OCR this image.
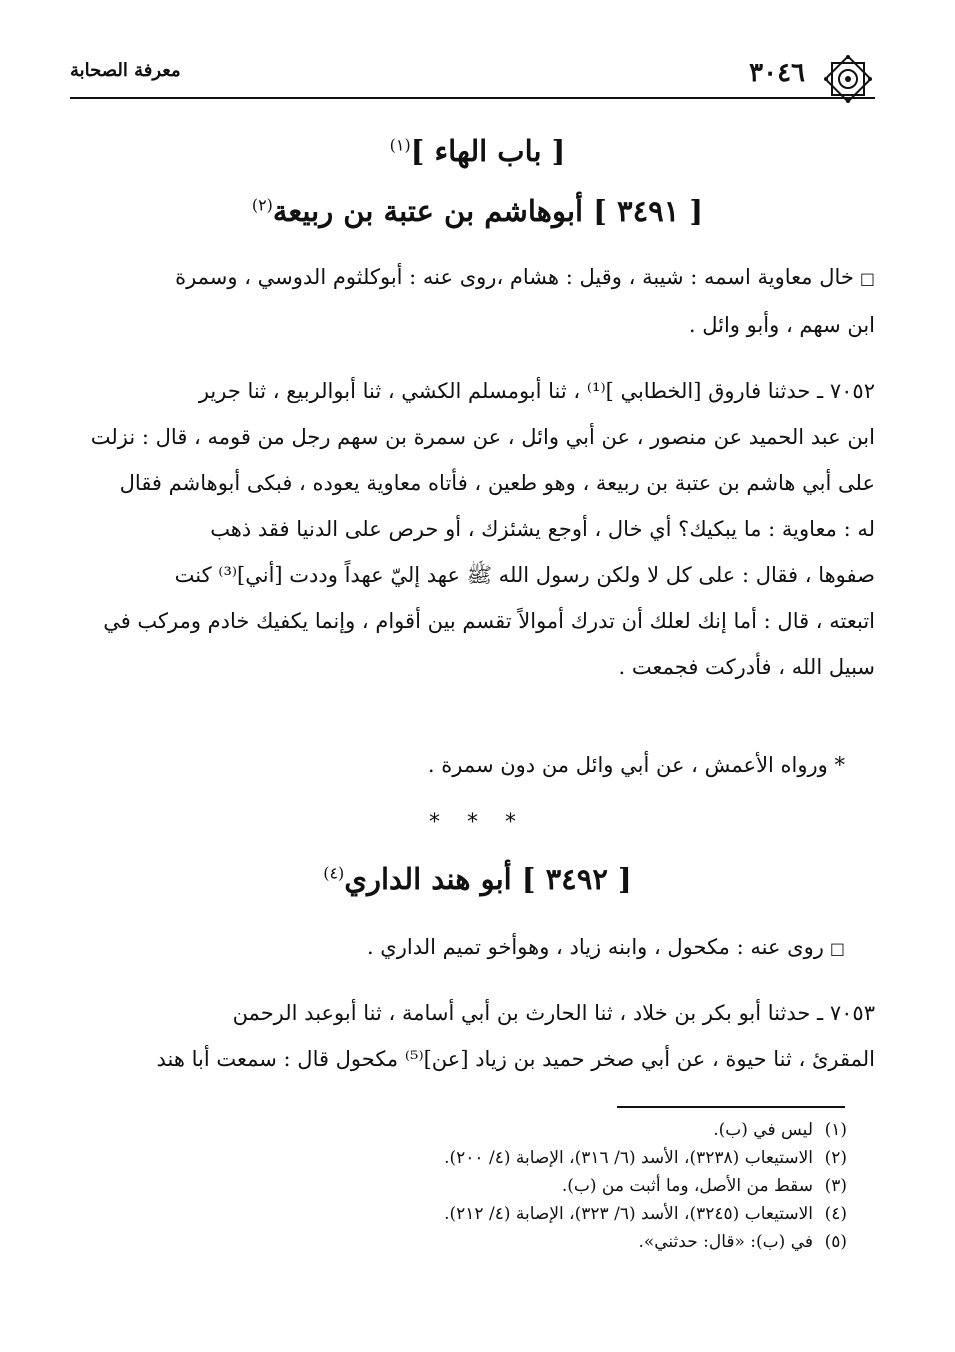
٣٠٤٦
معرفة الصحابة
[ باب الهاء ]$^{(١)}$
[ ٣٤٩١ ] أبوهاشم بن عتبة بن ربيعة$^{(٢)}$
□خال معاوية اسمه : شيبة ، وقيل : هشام ،روى عنه : أبوكلثوم الدوسي ، وسمرة
ابن سهم ، وأبو وائل .
٧٠٥٢ ـ حدثنا فاروق [الخطابي ]⁽¹⁾ ، ثنا أبومسلم الكشي ، ثنا أبوالربيع ، ثنا جرير
ابن عبد الحميد عن منصور ، عن أبي وائل ، عن سمرة بن سهم رجل من قومه ، قال : نزلت
على أبي هاشم بن عتبة بن ربيعة ، وهو طعين ، فأتاه معاوية يعوده ، فبكى أبوهاشم فقال
له : معاوية : ما يبكيك؟ أي خال ، أوجع يشئزك ، أو حرص على الدنيا فقد ذهب
صفوها ، فقال : على كل لا ولكن رسول الله ﷺ عهد إليّ عهداً وددت [أني]⁽³⁾ كنت
اتبعته ، قال : أما إنك لعلك أن تدرك أموالاً تقسم بين أقوام ، وإنما يكفيك خادم ومركب في
سبيل الله ، فأدركت فجمعت .
* ورواه الأعمش ، عن أبي وائل من دون سمرة .
* * *
[ ٣٤٩٢ ] أبو هند الداري$^{(٤)}$
□روى عنه : مكحول ، وابنه زياد ، وهوأخو تميم الداري .
٧٠٥٣ ـ حدثنا أبو بكر بن خلاد ، ثنا الحارث بن أبي أسامة ، ثنا أبوعبد الرحمن
المقرئ ، ثنا حيوة ، عن أبي صخر حميد بن زياد [عن]⁽⁵⁾ مكحول قال : سمعت أبا هند
(١)ليس في (ب).
(٢)الاستيعاب (٣٢٣٨)، الأسد (٦/ ٣١٦)، الإصابة (٤/ ٢٠٠).
(٣)سقط من الأصل، وما أثبت من (ب).
(٤)الاستيعاب (٣٢٤٥)، الأسد (٦/ ٣٢٣)، الإصابة (٤/ ٢١٢).
(٥)في (ب): «قال: حدثني».
